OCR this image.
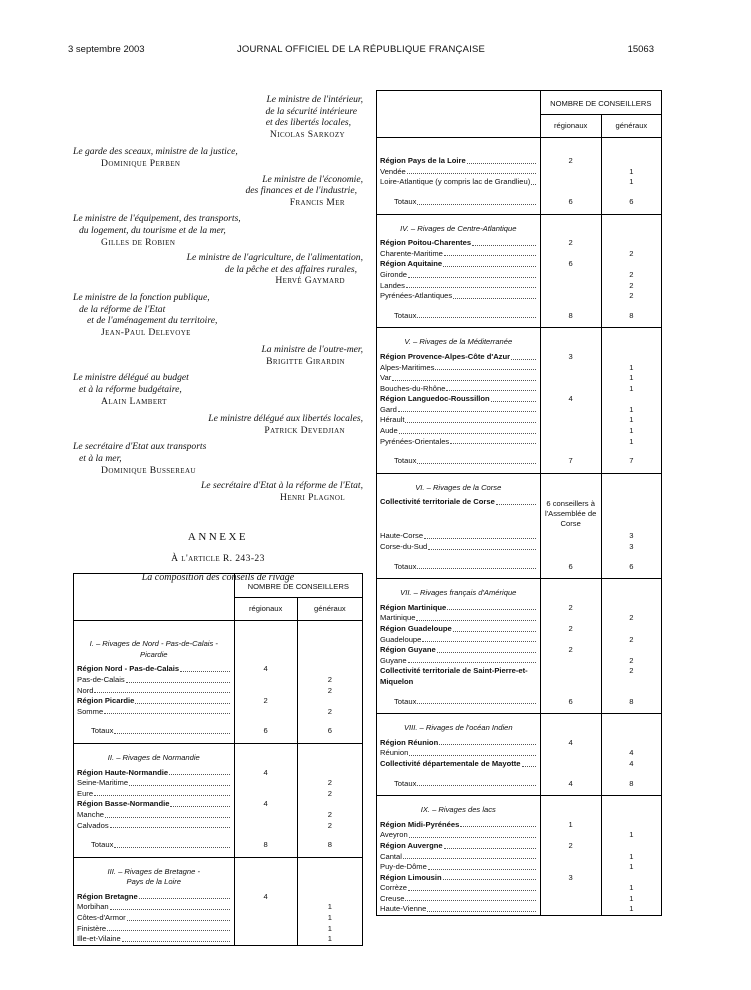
3 septembre 2003	JOURNAL OFFICIEL DE LA RÉPUBLIQUE FRANÇAISE	15063
Le ministre de l'intérieur,
de la sécurité intérieure
et des libertés locales,
Nicolas Sarkozy
Le garde des sceaux, ministre de la justice,
Dominique Perben
Le ministre de l'économie,
des finances et de l'industrie,
Francis Mer
Le ministre de l'équipement, des transports,
du logement, du tourisme et de la mer,
Gilles de Robien
Le ministre de l'agriculture, de l'alimentation,
de la pêche et des affaires rurales,
Hervé Gaymard
Le ministre de la fonction publique,
de la réforme de l'Etat
et de l'aménagement du territoire,
Jean-Paul Delevoye
La ministre de l'outre-mer,
Brigitte Girardin
Le ministre délégué au budget
et à la réforme budgétaire,
Alain Lambert
Le ministre délégué aux libertés locales,
Patrick Devedjian
Le secrétaire d'Etat aux transports
et à la mer,
Dominique Bussereau
Le secrétaire d'Etat à la réforme de l'Etat,
Henri Plagnol
ANNEXE
À l'article R. 243-23
La composition des conseils de rivage
	NOMBRE DE CONSEILLERS	
	régionaux	généraux

I. – Rivages de Nord - Pas-de-Calais -
Picardie		

Région Nord - Pas-de-Calais	4	

Pas-de-Calais		2

Nord		2

Région Picardie	2	

Somme		2

Totaux	6	6

II. – Rivages de Normandie		

Région Haute-Normandie	4	

Seine-Maritime		2

Eure		2

Région Basse-Normandie	4	

Manche		2

Calvados		2

Totaux	8	8

III. – Rivages de Bretagne -
Pays de la Loire		

Région Bretagne	4	

Morbihan		1

Côtes-d'Armor		1

Finistère		1

Ille-et-Vilaine		1
	NOMBRE DE CONSEILLERS	
	régionaux	généraux

Région Pays de la Loire	2	

Vendée		1

Loire-Atlantique (y compris lac de Grandlieu)		1

Totaux	6	6

IV. – Rivages de Centre-Atlantique		

Région Poitou-Charentes	2	

Charente-Maritime		2

Région Aquitaine	6	

Gironde		2

Landes		2

Pyrénées-Atlantiques		2

Totaux	8	8

V. – Rivages de la Méditerranée		

Région Provence-Alpes-Côte d'Azur	3	

Alpes-Maritimes		1

Var		1

Bouches-du-Rhône		1

Région Languedoc-Roussillon	4	

Gard		1

Hérault		1

Aude		1

Pyrénées-Orientales		1

Totaux	7	7

VI. – Rivages de la Corse		

Collectivité territoriale de Corse	6 conseillers à l'Assemblée de Corse	

Haute-Corse		3

Corse-du-Sud		3

Totaux	6	6

VII. – Rivages français d'Amérique		

Région Martinique	2	

Martinique		2

Région Guadeloupe	2	

Guadeloupe		2

Région Guyane	2	

Guyane		2

Collectivité territoriale de Saint-Pierre-et-Miquelon		2

Totaux	6	8

VIII. – Rivages de l'océan Indien		

Région Réunion	4	

Réunion		4

Collectivité départementale de Mayotte		4

Totaux	4	8

IX. – Rivages des lacs		

Région Midi-Pyrénées	1	

Aveyron		1

Région Auvergne	2	

Cantal		1

Puy-de-Dôme		1

Région Limousin	3	

Corrèze		1

Creuse		1

Haute-Vienne		1
